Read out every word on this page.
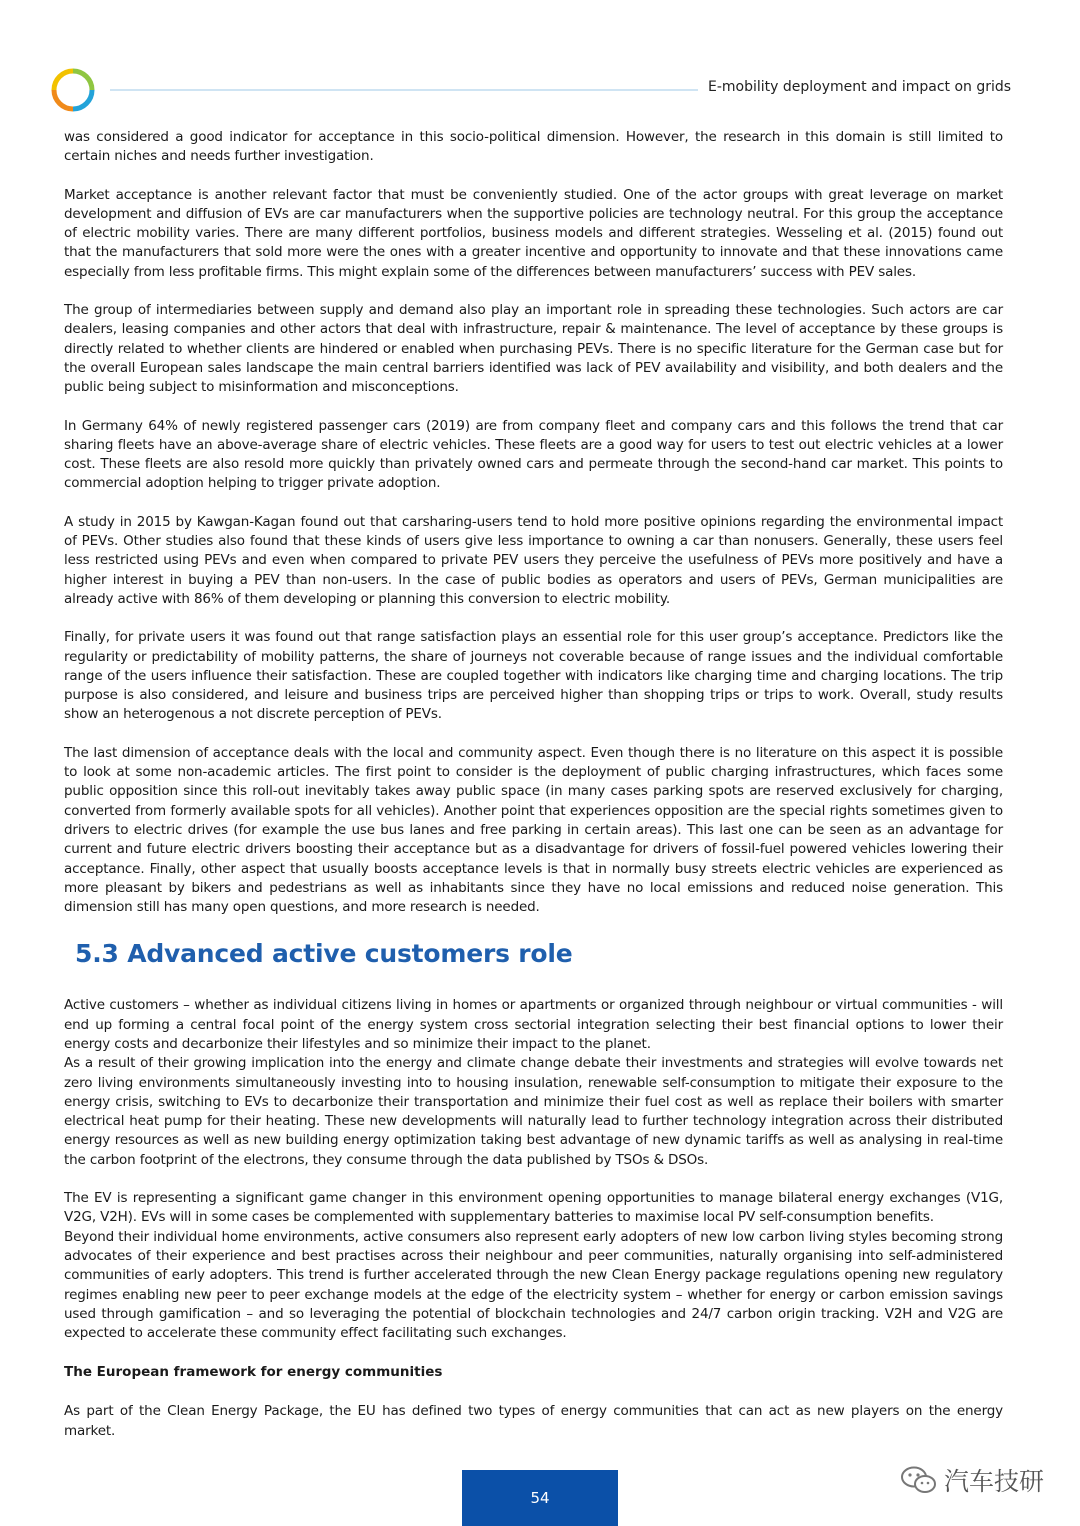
E-mobility deployment and impact on grids

was considered a good indicator for acceptance in this socio-political dimension. However, the research in this domain is still limited to certain niches and needs further investigation.

Market acceptance is another relevant factor that must be conveniently studied. One of the actor groups with great leverage on market development and diffusion of EVs are car manufacturers when the supportive policies are technology neutral. For this group the acceptance of electric mobility varies. There are many different portfolios, business models and different strategies. Wesseling et al. (2015) found out that the manufacturers that sold more were the ones with a greater incentive and opportunity to innovate and that these innovations came especially from less profitable firms. This might explain some of the differences between manufacturers’ success with PEV sales.

The group of intermediaries between supply and demand also play an important role in spreading these technologies. Such actors are car dealers, leasing companies and other actors that deal with infrastructure, repair & maintenance. The level of acceptance by these groups is directly related to whether clients are hindered or enabled when purchasing PEVs. There is no specific literature for the German case but for the overall European sales landscape the main central barriers identified was lack of PEV availability and visibility, and both dealers and the public being subject to misinformation and misconceptions.

In Germany 64% of newly registered passenger cars (2019) are from company fleet and company cars and this follows the trend that car sharing fleets have an above-average share of electric vehicles. These fleets are a good way for users to test out electric vehicles at a lower cost. These fleets are also resold more quickly than privately owned cars and permeate through the second-hand car market. This points to commercial adoption helping to trigger private adoption.

A study in 2015 by Kawgan-Kagan found out that carsharing-users tend to hold more positive opinions regarding the environmental impact of PEVs. Other studies also found that these kinds of users give less importance to owning a car than nonusers. Generally, these users feel less restricted using PEVs and even when compared to private PEV users they perceive the usefulness of PEVs more positively and have a higher interest in buying a PEV than non-users. In the case of public bodies as operators and users of PEVs, German municipalities are already active with 86% of them developing or planning this conversion to electric mobility.

Finally, for private users it was found out that range satisfaction plays an essential role for this user group’s acceptance. Predictors like the regularity or predictability of mobility patterns, the share of journeys not coverable because of range issues and the individual comfortable range of the users influence their satisfaction. These are coupled together with indicators like charging time and charging locations. The trip purpose is also considered, and leisure and business trips are perceived higher than shopping trips or trips to work. Overall, study results show an heterogenous a not discrete perception of PEVs.

The last dimension of acceptance deals with the local and community aspect. Even though there is no literature on this aspect it is possible to look at some non-academic articles. The first point to consider is the deployment of public charging infrastructures, which faces some public opposition since this roll-out inevitably takes away public space (in many cases parking spots are reserved exclusively for charging, converted from formerly available spots for all vehicles). Another point that experiences opposition are the special rights sometimes given to drivers to electric drives (for example the use bus lanes and free parking in certain areas). This last one can be seen as an advantage for current and future electric drivers boosting their acceptance but as a disadvantage for drivers of fossil-fuel powered vehicles lowering their acceptance. Finally, other aspect that usually boosts acceptance levels is that in normally busy streets electric vehicles are experienced as more pleasant by bikers and pedestrians as well as inhabitants since they have no local emissions and reduced noise generation. This dimension still has many open questions, and more research is needed.

5.3 Advanced active customers role

Active customers – whether as individual citizens living in homes or apartments or organized through neighbour or virtual communities - will end up forming a central focal point of the energy system cross sectorial integration selecting their best financial options to lower their energy costs and decarbonize their lifestyles and so minimize their impact to the planet.

As a result of their growing implication into the energy and climate change debate their investments and strategies will evolve towards net zero living environments simultaneously investing into to housing insulation, renewable self-consumption to mitigate their exposure to the energy crisis, switching to EVs to decarbonize their transportation and minimize their fuel cost as well as replace their boilers with smarter electrical heat pump for their heating. These new developments will naturally lead to further technology integration across their distributed energy resources as well as new building energy optimization taking best advantage of new dynamic tariffs as well as analysing in real-time the carbon footprint of the electrons, they consume through the data published by TSOs & DSOs.

The EV is representing a significant game changer in this environment opening opportunities to manage bilateral energy exchanges (V1G, V2G, V2H). EVs will in some cases be complemented with supplementary batteries to maximise local PV self-consumption benefits.

Beyond their individual home environments, active consumers also represent early adopters of new low carbon living styles becoming strong advocates of their experience and best practises across their neighbour and peer communities, naturally organising into self-administered communities of early adopters. This trend is further accelerated through the new Clean Energy package regulations opening new regulatory regimes enabling new peer to peer exchange models at the edge of the electricity system – whether for energy or carbon emission savings used through gamification – and so leveraging the potential of blockchain technologies and 24/7 carbon origin tracking. V2H and V2G are expected to accelerate these community effect facilitating such exchanges.

The European framework for energy communities

As part of the Clean Energy Package, the EU has defined two types of energy communities that can act as new players on the energy market.

54
汽车技研
